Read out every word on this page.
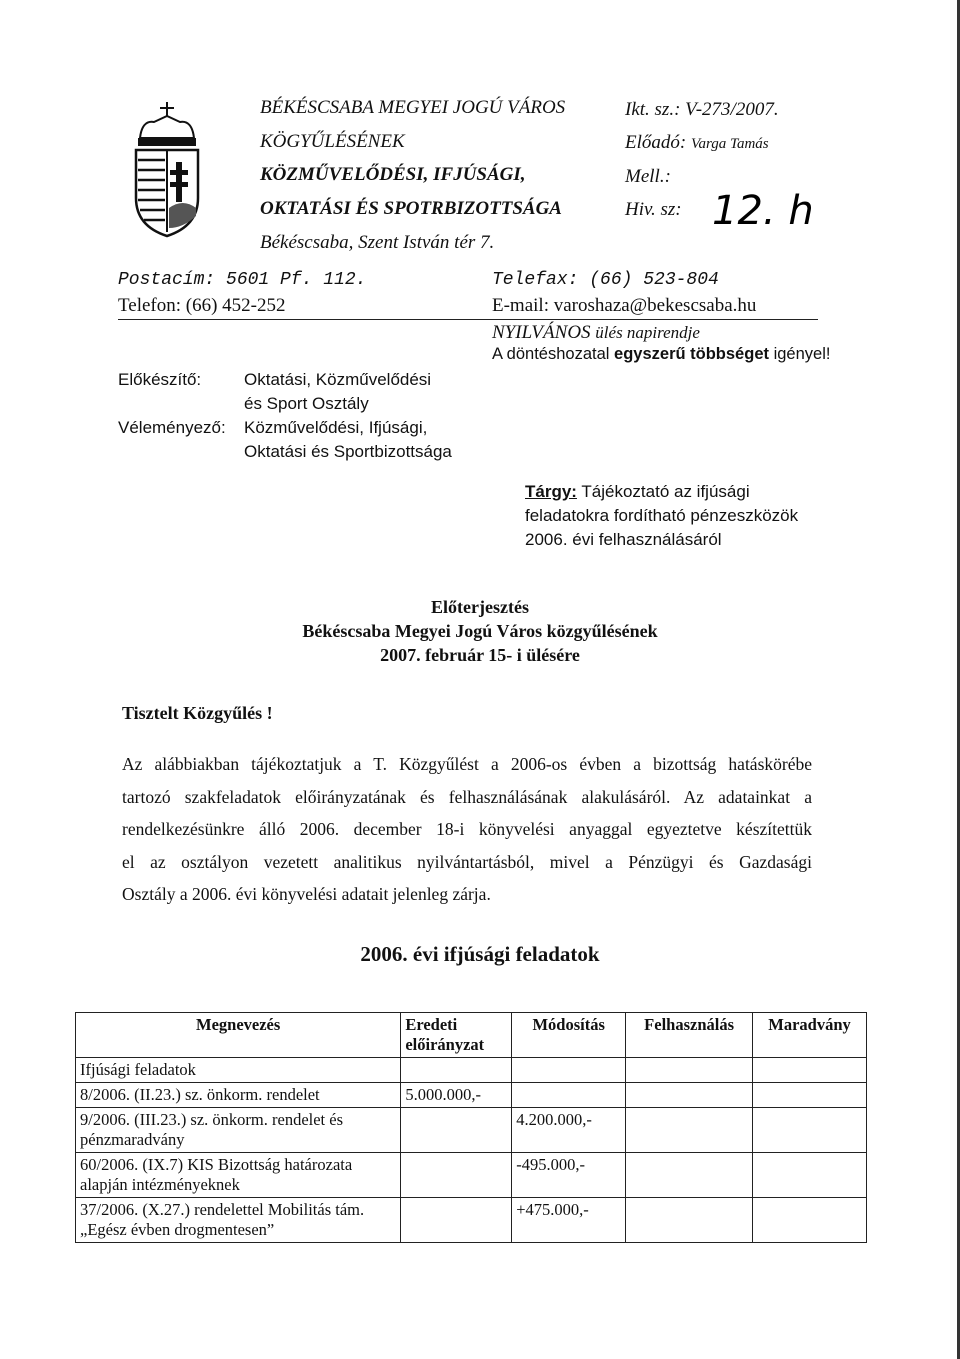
BÉKÉSCSABA MEGYEI JOGÚ VÁROS
KÖGYŰLÉSÉNEK
KÖZMŰVELŐDÉSI, IFJÚSÁGI,
OKTATÁSI ÉS SPOTRBIZOTTSÁGA
Békéscsaba, Szent István tér 7.
Ikt. sz.: V-273/2007.
Előadó: Varga Tamás
Mell.:
Hiv. sz: 12. h
Postacím: 5601 Pf. 112.
Telefon: (66) 452-252
Telefax: (66) 523-804
E-mail: varoshaza@bekescsaba.hu
NYILVÁNOS ülés napirendje
A döntéshozatal egyszerű többséget igényel!
Előkészítő:	Oktatási, Közművelődési
és Sport Osztály
Véleményező: Közművelődési, Ifjúsági,
Oktatási és Sportbizottsága
Tárgy: Tájékoztató az ifjúsági
feladatokra fordítható pénzeszközök
2006. évi felhasználásáról
Előterjesztés
Békéscsaba Megyei Jogú Város közgyűlésének
2007. február 15- i ülésére
Tisztelt Közgyűlés !
Az alábbiakban tájékoztatjuk a T. Közgyűlést a 2006-os évben a bizottság hatáskörébe
tartozó szakfeladatok előirányzatának és felhasználásának alakulásáról. Az adatainkat a
rendelkezésünkre álló 2006. december 18-i könyvelési anyaggal egyeztetve készítettük
el az osztályon vezetett analitikus nyilvántartásból, mivel a Pénzügyi és Gazdasági
Osztály a 2006. évi könyvelési adatait jelenleg zárja.
2006. évi ifjúsági feladatok
Megnevezés	Eredeti előirányzat	Módosítás	Felhasználás	Maradvány
Ifjúsági feladatok				
8/2006. (II.23.) sz. önkorm. rendelet	5.000.000,-			
9/2006. (III.23.) sz. önkorm. rendelet és pénzmaradvány		4.200.000,-		
60/2006. (IX.7) KIS Bizottság határozata alapján intézményeknek		-495.000,-		
37/2006. (X.27.) rendelettel Mobilitás tám. „Egész évben drogmentesen”		+475.000,-		
